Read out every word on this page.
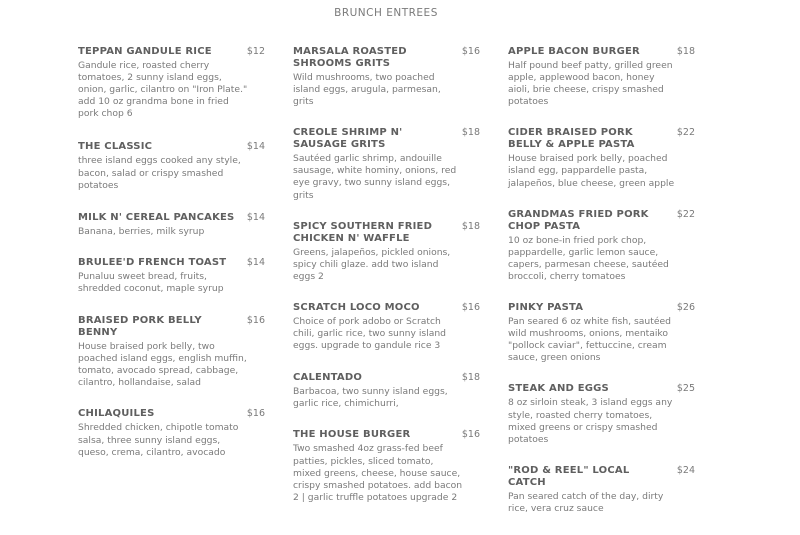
BRUNCH ENTREES
TEPPAN GANDULE RICE	$12
Gandule rice, roasted cherry tomatoes, 2 sunny island eggs, onion, garlic, cilantro on "Iron Plate." add 10 oz grandma bone in fried pork chop 6
THE CLASSIC	$14
three island eggs cooked any style, bacon, salad or crispy smashed potatoes
MILK N' CEREAL PANCAKES	$14
Banana, berries, milk syrup
BRULEE'D FRENCH TOAST	$14
Punaluu sweet bread, fruits, shredded coconut, maple syrup
BRAISED PORK BELLY BENNY
$16
House braised pork belly, two poached island eggs, english muffin, tomato, avocado spread, cabbage, cilantro, hollandaise, salad
CHILAQUILES	$16
Shredded chicken, chipotle tomato salsa, three sunny island eggs, queso, crema, cilantro, avocado
MARSALA ROASTED SHROOMS GRITS
$16
Wild mushrooms, two poached island eggs, arugula, parmesan, grits
CREOLE SHRIMP N' SAUSAGE GRITS
$18
Sautéed garlic shrimp, andouille sausage, white hominy, onions, red eye gravy, two sunny island eggs, grits
SPICY SOUTHERN FRIED CHICKEN N' WAFFLE
$18
Greens, jalapeños, pickled onions, spicy chili glaze. add two island eggs 2
SCRATCH LOCO MOCO	$16
Choice of pork adobo or Scratch chili, garlic rice, two sunny island eggs. upgrade to gandule rice 3
CALENTADO	$18
Barbacoa, two sunny island eggs, garlic rice, chimichurri,
THE HOUSE BURGER	$16
Two smashed 4oz grass-fed beef patties, pickles, sliced tomato, mixed greens, cheese, house sauce, crispy smashed potatoes. add bacon 2 | garlic truffle potatoes upgrade 2
APPLE BACON BURGER	$18
Half pound beef patty, grilled green apple, applewood bacon, honey aioli, brie cheese, crispy smashed potatoes
CIDER BRAISED PORK BELLY & APPLE PASTA
$22
House braised pork belly, poached island egg, pappardelle pasta, jalapeños, blue cheese, green apple
GRANDMAS FRIED PORK CHOP PASTA
$22
10 oz bone-in fried pork chop, pappardelle, garlic lemon sauce, capers, parmesan cheese, sautéed broccoli, cherry tomatoes
PINKY PASTA	$26
Pan seared 6 oz white fish, sautéed wild mushrooms, onions, mentaiko "pollock caviar", fettuccine, cream sauce, green onions
STEAK AND EGGS	$25
8 oz sirloin steak, 3 island eggs any style, roasted cherry tomatoes, mixed greens or crispy smashed potatoes
"ROD & REEL" LOCAL CATCH
$24
Pan seared catch of the day, dirty rice, vera cruz sauce
